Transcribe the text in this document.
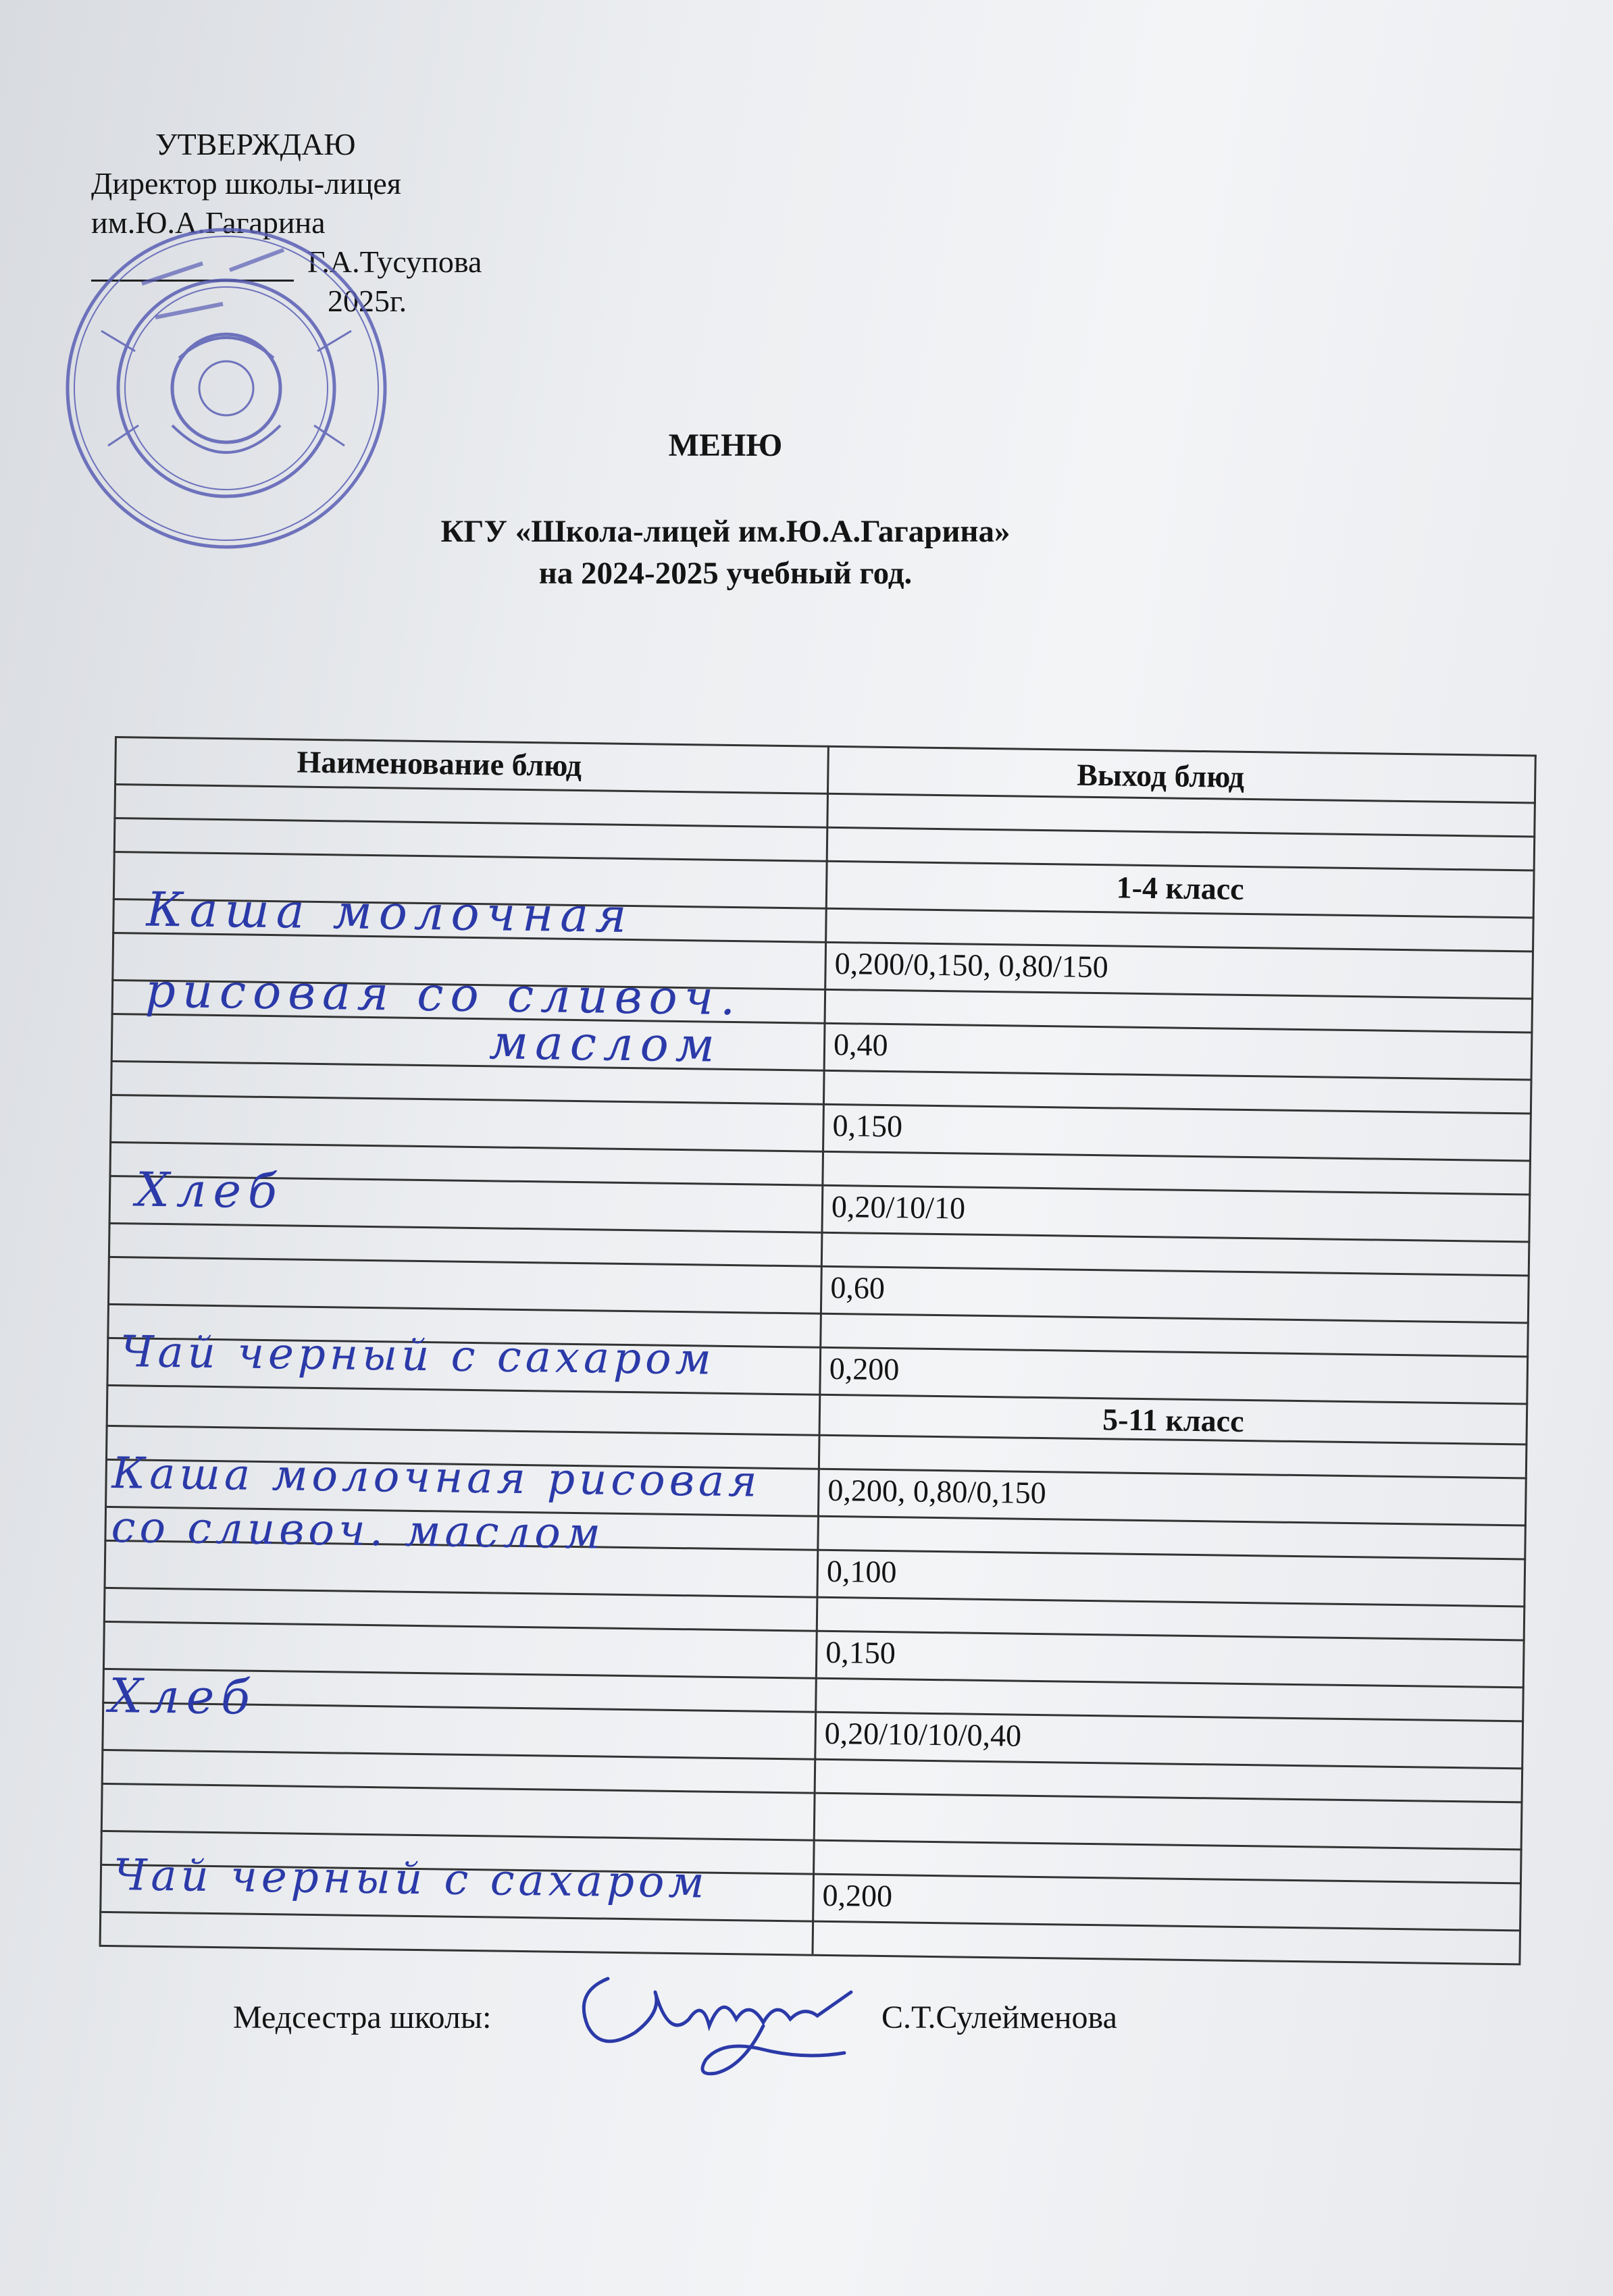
УТВЕРЖДАЮ
Директор школы-лицея
им.Ю.А.Гагарина
Г.А.Тусупова
2025г.
МЕНЮ
КГУ «Школа-лицей им.Ю.А.Гагарина»
на 2024-2025 учебный год.
Наименование блюд	Выход блюд
1-4 класс
0,200/0,150, 0,80/150
0,40
0,150
0,20/10/10
0,60
0,200
5-11 класс
0,200, 0,80/0,150
0,100
0,150
0,20/10/10/0,40
0,200
Каша молочная
рисовая со сливоч.
маслом
Хлеб
Чай черный с сахаром
Каша молочная рисовая
со сливоч. маслом
Хлеб
Чай черный с сахаром
Медсестра школы:	С.Т.Сулейменова
